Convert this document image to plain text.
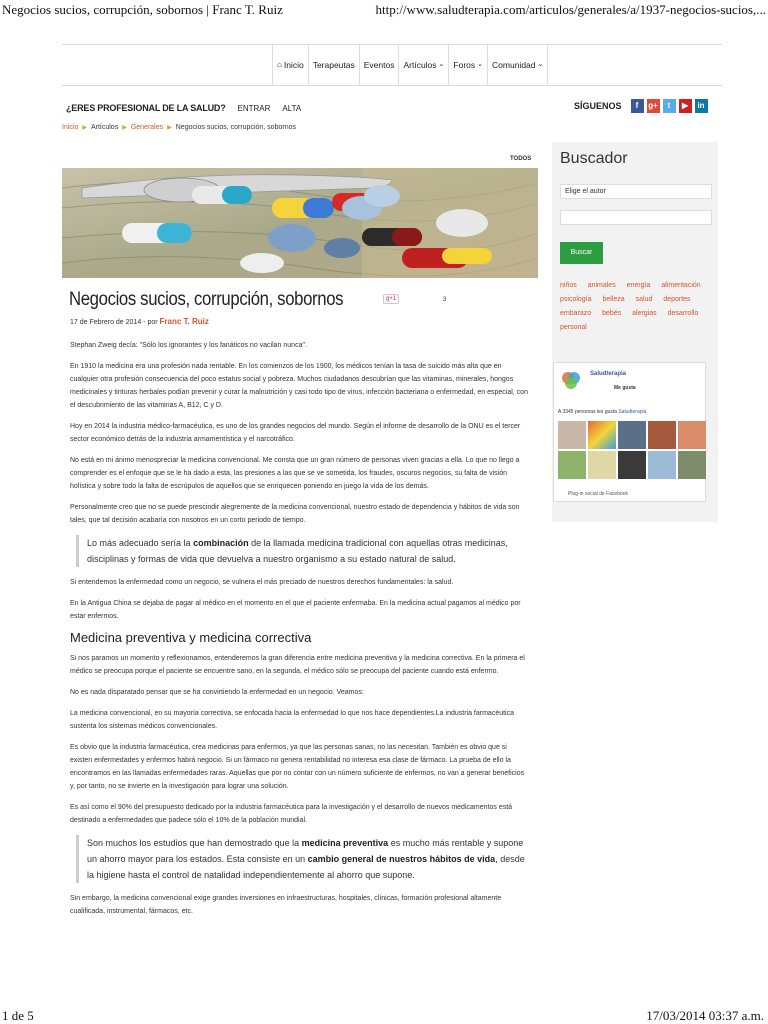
Negocios sucios, corrupción, sobornos | Franc T. Ruiz	http://www.saludterapia.com/articulos/generales/a/1937-negocios-sucios,...
⌂ Inicio Terapeutas Eventos Artículos ⌄ Foros ⌄ Comunidad ⌄
¿ERES PROFESIONAL DE LA SALUD? ENTRAR ALTA	SÍGUENOS	f	g+	t	▶	in
Inicio ▶ Artículos ▶ Generales ▶ Negocios sucios, corrupción, sobornos
TODOS
Negocios sucios, corrupción, sobornos	g+1	3
17 de Febrero de 2014 - por Franc T. Ruiz

Stephan Zweig decía: "Sólo los ignorantes y los fanáticos no vacilan nunca".

En 1910 la medicina era una profesión nada rentable. En los comienzos de los 1900, los médicos tenían la tasa de suicido más alta que en cualquier otra profesión consecuencia del poco estatus social y pobreza. Muchos ciudadanos descubrían que las vitaminas, minerales, hongos medicinales y tinturas herbales podían prevenir y curar la malnutrición y casi todo tipo de virus, infección bacteriana o enfermedad, en especial, con el descubrimiento de las vitaminas A, B12, C y D.

Hoy en 2014 la industria médico-farmacéutica, es uno de los grandes negocios del mundo. Según el informe de desarrollo de la ONU es el tercer sector económico detrás de la industria armamentística y el narcotráfico.

No está en mi ánimo menospreciar la medicina convencional. Me consta que un gran número de personas viven gracias a ella. Lo que no llego a comprender es el enfoque que se le ha dado a esta, las presiones a las que se ve sometida, los fraudes, oscuros negocios, su falta de visión holística y sobre todo la falta de escrúpulos de aquellos que se enriquecen poniendo en juego la vida de los demás.

Personalmente creo que no se puede prescindir alegremente de la medicina convencional, nuestro estado de dependencia y hábitos de vida son tales, que tal decisión acabaría con nosotros en un corto periodo de tiempo.

Lo más adecuado sería la combinación de la llamada medicina tradicional con aquellas otras medicinas, disciplinas y formas de vida que devuelva a nuestro organismo a su estado natural de salud.

Si entendemos la enfermedad como un negocio, se vulnera el más preciado de nuestros derechos fundamentales: la salud.

En la Antigua China se dejaba de pagar al médico en el momento en el que el paciente enfermaba. En la medicina actual pagamos al médico por estar enfermos.

Medicina preventiva y medicina correctiva

Si nos paramos un momento y reflexionamos, entenderemos la gran diferencia entre medicina preventiva y la medicina correctiva. En la primera el médico se preocupa porque el paciente se encuentre sano, en la segunda, el médico sólo se preocupa del paciente cuando está enfermo.

No es nada disparatado pensar que se ha convirtiendo la enfermedad en un negocio. Veamos:

La medicina convencional, en su mayoría correctiva, se enfocada hacia la enfermedad lo que nos hace dependientes.La industria farmacéutica sustenta los sistemas médicos convencionales.

Es obvio que la industria farmacéutica, crea medicinas para enfermos, ya que las personas sanas, no las necesitan. También es obvio que si existen enfermedades y enfermos habrá negocio. Si un fármaco no genera rentabilidad no interesa esa clase de fármaco. La prueba de ello la encontramos en las llamadas enfermedades raras. Aquellas que por no contar con un número suficiente de enfermos, no van a generar beneficios y, por tanto, no se invierte en la investigación para lograr una solución.

Es así como el 90% del presupuesto dedicado por la industria farmacéutica para la investigación y el desarrollo de nuevos medicamentos está destinado a enfermedades que padece sólo el 10% de la población mundial.

Son muchos los estudios que han demostrado que la medicina preventiva es mucho más rentable y supone un ahorro mayor para los estados. Esta consiste en un cambio general de nuestros hábitos de vida, desde la higiene hasta el control de natalidad independientemente al ahorro que supone.

Sin embargo, la medicina convencional exige grandes inversiones en infraestructuras, hospitales, clínicas, formación profesional altamente cualificada, instrumental, fármacos, etc.

Buscador
Elige el autor
Buscar
niños animales energía alimentación psicología belleza salud deportes embarazo bebés alergias desarrollo personal
Saludterapia
Me gusta
A 3345 personas les gusta Saludterapia
Plug-in social de Facebook
1 de 5	17/03/2014 03:37 a.m.
